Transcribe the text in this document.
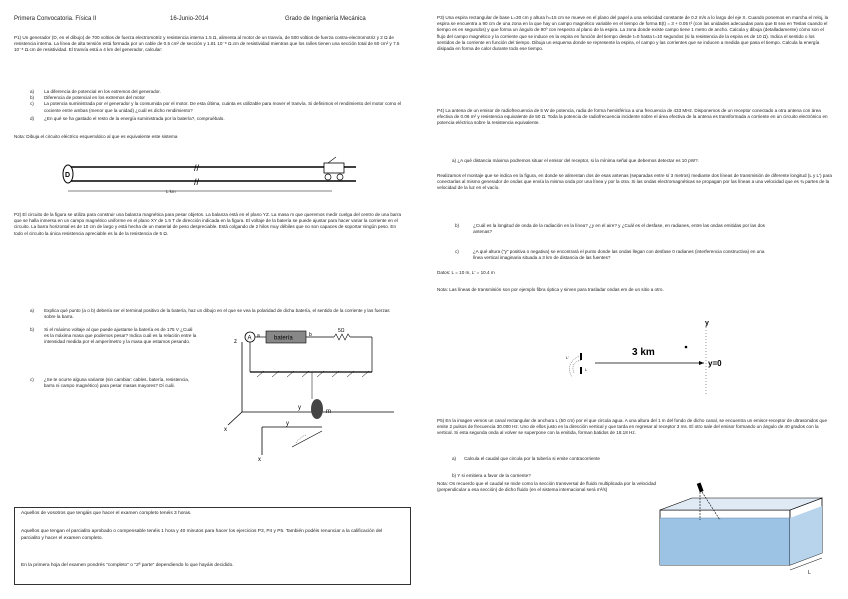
Primera Convocatoria. Física II	16-Junio-2014	Grado de Ingeniería Mecánica
P1) Un generador (D, en el dibujo) de 700 voltios de fuerza electromotriz y resistencia interna 1.5 Ω, alimenta al motor de un tranvía, de 500 voltios de fuerza contra-electromotriz y 2 Ω de resistencia interna. La línea de alta tensión está formada por un cable de 0.5 cm² de sección y 1.81 10⁻⁸ Ω.cm de resistividad mientras que los raíles tienen una sección total de 60 cm² y 7.5 10⁻⁸ Ω.cm de resistividad. El tranvía está a 4 km del generador, calcular:
a) La diferencia de potencial en los extremos del generador.
b) Diferencia de potencial en los extremos del motor
c) La potencia suministrada por el generador y la consumida por el motor. De esta última, cuánta es utilizable para mover el tranvía. Si definimos el rendimiento del motor como el cociente entre ambas (menor que la unidad) ¿cuál es dicho rendimiento?
d) ¿En qué se ha gastado el resto de la energía suministrada por la batería?, compruébalo.
Nota: Dibuja el circuito eléctrico esquemático al que es equivalente este sistema
D
//
//
L km
P2) El circuito de la figura se utiliza para construir una balanza magnética para pesar objetos. La balanza está en el plano YZ. La masa m que queremos medir cuelga del centro de una barra que se halla inmersa en un campo magnético uniforme en el plano XY de 1.5 T de dirección indicada en la figura. El voltaje de la batería se puede ajustar para hacer variar la corriente en el circuito. La barra horizontal es de 10 cm de largo y está hecha de un material de peso despreciable. Está colgando de 2 hilos muy débiles que no son capaces de soportar ningún peso. En todo el circuito la única resistencia apreciable es la de la resistencia de 5 Ω.
a) Explica qué punto (a o b) debería ser el terminal positivo de la batería, haz un dibujo en el que se vea la polaridad de dicha batería, el sentido de la corriente y las fuerzas sobre la barra.
b) Si el máximo voltaje al que puede ajustarse la batería es de 175 V ¿Cuál es la máxima masa que podemos pesar? Indica cuál es la relación entre la intensidad medida por el amperímetro y la masa que estamos pesando.
c) ¿Se te ocurre alguna variante (sin cambiar: cables, batería, resistencia, barra ni campo magnético) para pesar masas mayores? Dí cuál.
z
A a batería
b
5Ω
m
y
x
y
x
Aquellos de vosotros que tengáis que hacer el examen completo tenéis 3 horas.
Aquellos que tengan el parcialito aprobado o compensable tenéis 1 hora y 40 minutos para hacer los ejercicios P3, P4 y P5. También podéis renunciar a la calificación del parcialito y hacer el examen completo.
En la primera hoja del examen pondrés "completo" o "2ª parte" dependiendo lo que hayáis decidido.
P3) Una espira rectangular de base L=30 cm y altura h=15 cm se mueve en el plano del papel a una velocidad constante de 0.2 m/s a lo largo del eje X. Cuando ponemos en marcha el reloj, la espira se encuentra a 90 cm de una zona en la que hay un campo magnético variable en el tiempo de forma B(t) = 3 + 0.05 t² (con las unidades adecuadas para que B sea en Teslas cuando el tiempo es en segundos) y que forma un ángulo de 90º con respecto al plano de la espira. La zona donde existe campo tiene 1 metro de ancho. Calcula y dibuja (detalladamente) cómo son el flujo del campo magnético y la corriente que se induce en la espira en función del tiempo desde t=0 hasta t=10 segundos (si la resistencia de la espira es de 10 Ω). Indica el sentido o los sentidos de la corriente en función del tiempo. Dibuja un esquema donde se represente la espira, el campo y las corrientes que se inducen a medida que pasa el tiempo. Calcula la energía disipada en forma de calor durante todo ese tiempo.
P4) La antena de un emisor de radiofrecuencia de 5 W de potencia, radia de forma hemisférica a una frecuencia de 433 MHz. Disponemos de un receptor conectado a otra antena con área efectiva de 0.06 m² y resistencia equivalente de 50 Ω. Toda la potencia de radiofrecuencia incidente sobre el área efectiva de la antena es transformada a corriente en un circuito electrónico en potencia eléctrica sobre la resistencia equivalente.
a) ¿A qué distancia máxima podremos situar el emisor del receptor, si la mínima señal que debemos detectar es 10 pW?.
Realizamos el montaje que se indica en la figura, en donde se alimentan dos de esas antenas (separadas entre sí 3 metros) mediante dos líneas de transmisión de diferente longitud (L y L') para conectarlas al mismo generador de ondas que envía la misma onda por una línea y por la otra. Si las ondas electromagnéticas se propagan por las líneas a una velocidad que es ¾ partes de la velocidad de la luz en el vacío.
b)	¿Cuál es la longitud de onda de la radiación en la línea? ¿y en el aire? y ¿Cuál es el desfase, en radianes, entre las ondas emitidas por las dos antenas?
c)	¿A qué altura ("y" positiva o negativa) se encontrará el punto donde las ondas llegan con desfase 0 radianes (interferencia constructiva) en una línea vertical imaginaria situada a 3 km de distancia de las fuentes?
Datos: L = 10 m, L' = 10.4 m
Nota: Las líneas de transmisión son por ejemplo fibra óptica y sirven para trasladar ondas em de un sitio a otro.
y
3 km
y=0
L
L'
P5) En la imagen vemos un canal rectangular de anchura L (50 cm) por el que circula agua. A una altura del 1 m del fondo de dicho canal, se encuentra un emisor-receptor de ultrasonidos que emite 2 pulsos de frecuencia 30.000 Hz. Uno de ellos justo en la dirección vertical y que tarda en regresar al receptor 3 ms. El otro sale del emisor formando un ángulo de 40 grados con la vertical. Si esta segunda onda al volver se superpone con la emitida, forman batidos de 18.18 Hz.
a) Calcula el caudal que circula por la tubería si emite contracorriente
b) Y si emitiera a favor de la corriente?
Nota: Os recuerdo que el caudal se mide como la sección transversal de fluido multiplicada por la velocidad (perpendicular a esa sección) de dicho fluido (en el sistema internacional será m³/s)
L
